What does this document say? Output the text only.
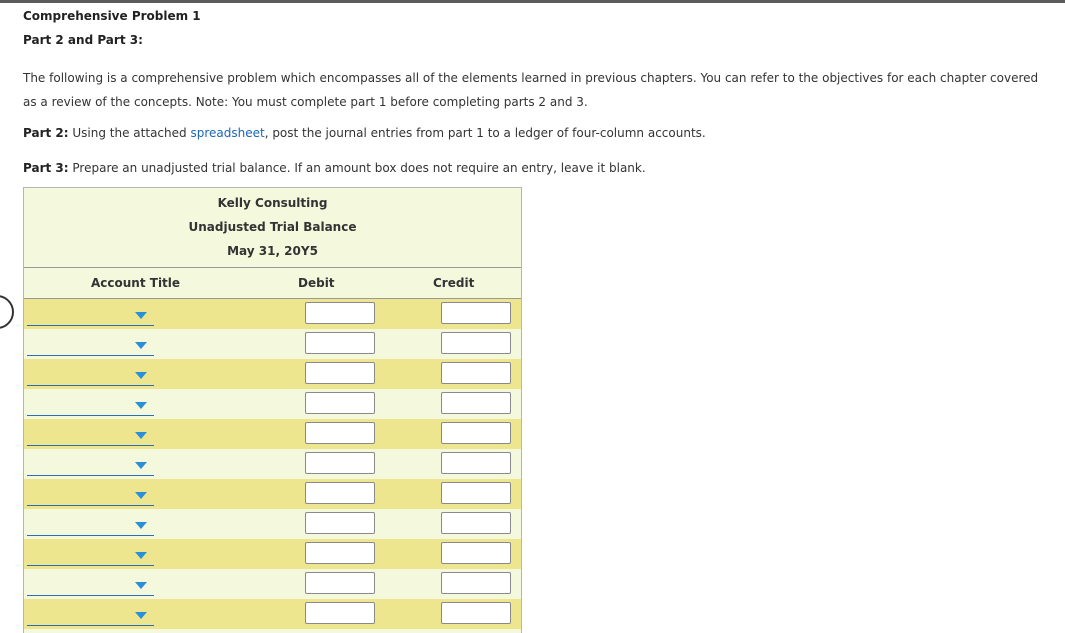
Comprehensive Problem 1
Part 2 and Part 3:
The following is a comprehensive problem which encompasses all of the elements learned in previous chapters. You can refer to the objectives for each chapter covered as a review of the concepts. Note: You must complete part 1 before completing parts 2 and 3.
Part 2: Using the attached spreadsheet, post the journal entries from part 1 to a ledger of four-column accounts.
Part 3: Prepare an unadjusted trial balance. If an amount box does not require an entry, leave it blank.
Kelly Consulting
Unadjusted Trial Balance
May 31, 20Y5
Account Title	Debit	Credit
